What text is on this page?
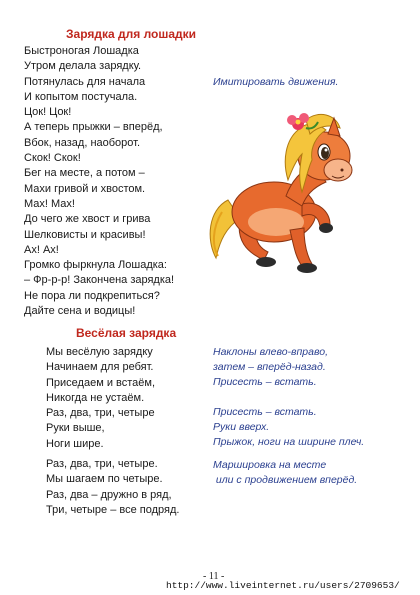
Зарядка для лошадки
Быстроногая Лошадка
Утром делала зарядку.
Потянулась для начала
И копытом постучала.
Цок! Цок!
А теперь прыжки – вперёд,
Вбок, назад, наоборот.
Скок! Скок!
Бег на месте, а потом –
Махи гривой и хвостом.
Мах! Мах!
До чего же хвост и грива
Шелковисты и красивы!
Ах! Ах!
Громко фыркнула Лошадка:
– Фр-р-р! Закончена зарядка!
Не пора ли подкрепиться?
Дайте сена и водицы!
Имитировать движения.
Весёлая зарядка
Мы весёлую зарядку
Начинаем для ребят.
Приседаем и встаём,
Никогда не устаём.
Раз, два, три, четыре
Руки выше,
Ноги шире.
Раз, два, три, четыре.
Мы шагаем по четыре.
Раз, два – дружно в ряд,
Три, четыре – все подряд.
Наклоны влево-вправо,
затем – вперёд-назад.
Присесть – встать.
Присесть – встать.
Руки вверх.
Прыжок, ноги на ширине плеч.
Маршировка на месте
или с продвижением вперёд.
- 11 -
http://www.liveinternet.ru/users/2709653/
